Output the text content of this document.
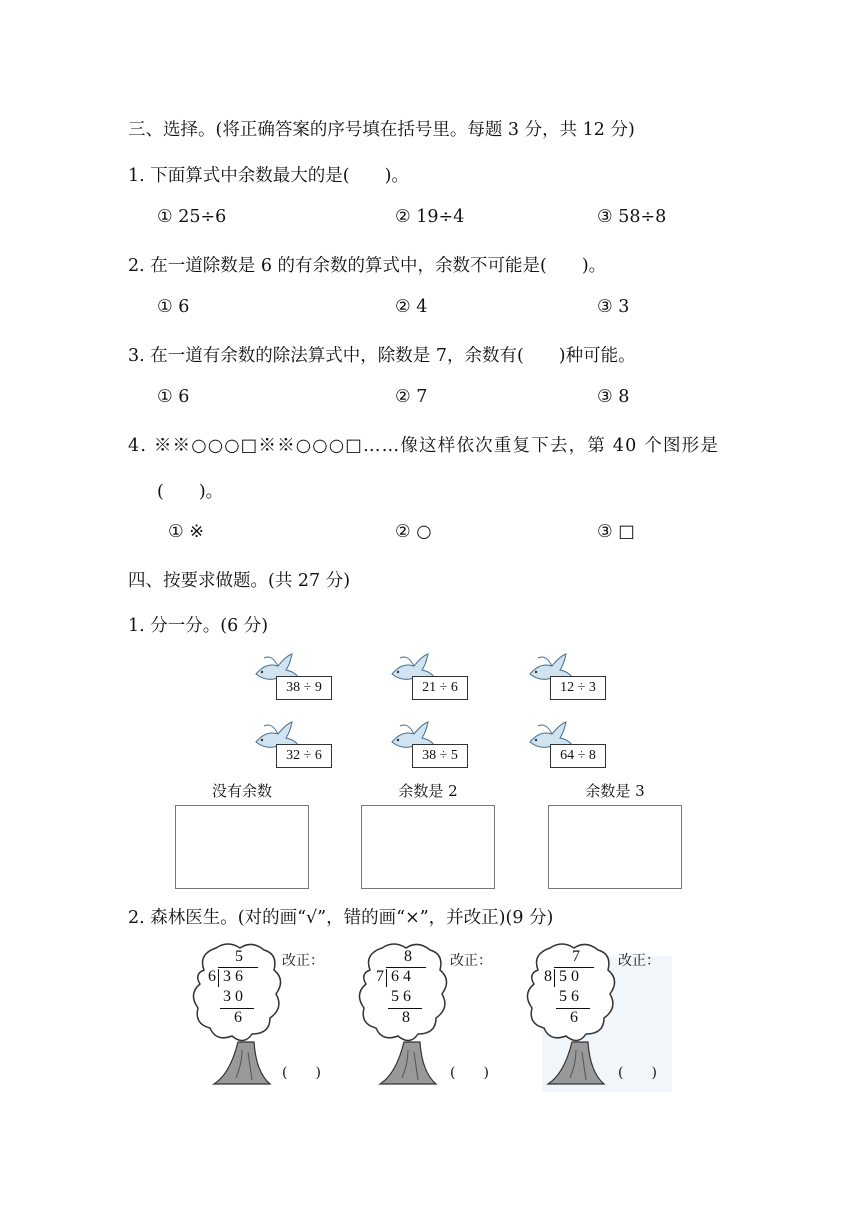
三、选择。(将正确答案的序号填在括号里。每题 3 分，共 12 分)
1. 下面算式中余数最大的是(　　)。
① 25÷6	② 19÷4	③ 58÷8
2. 在一道除数是 6 的有余数的算式中，余数不可能是(　　)。
① 6	② 4	③ 3
3. 在一道有余数的除法算式中，除数是 7，余数有(　　)种可能。
① 6	② 7	③ 8
4. ※※○○○□※※○○○□……像这样依次重复下去，第 40 个图形是
(　　)。
① ※	② ○	③ □
四、按要求做题。(共 27 分)
1. 分一分。(6 分)
38 ÷ 9	21 ÷ 6	12 ÷ 3
32 ÷ 6	38 ÷ 5	64 ÷ 8
没有余数	余数是 2	余数是 3
2. 森林医生。(对的画“√”，错的画“×”，并改正)(9 分)
5
6 3 6
3 0
6
改正：
(　　)
8
7 6 4
5 6
8
改正：
(　　)
7
8 5 0
5 6
6
改正：
(　　)
